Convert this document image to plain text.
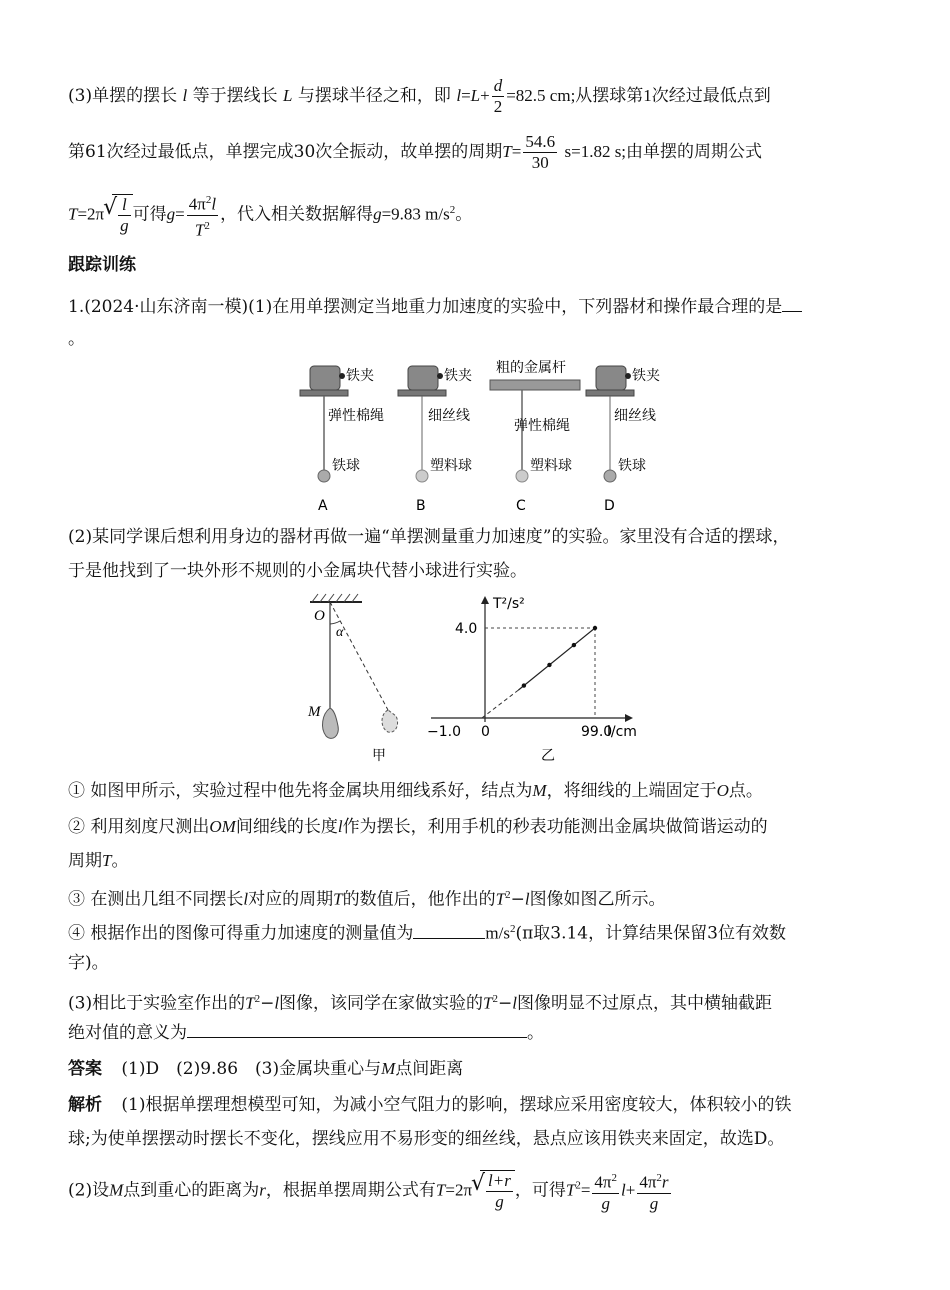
(3)单摆的摆长 l 等于摆线长 L 与摆球半径之和，即 $l=L+ \frac{d}{2} =82.5$ cm;从摆球第1次经过最低点到
第61次经过最低点，单摆完成30次全振动，故单摆的周期$T= \frac{54.6}{30} s=1.82$ s;由单摆的周期公式
T=2π √ $\frac{l}{g}$ 可得$g= \frac{4\pi^2l}{T^2}$ ，代入相关数据解得g=9.83 $m/s^2$。
跟踪训练
1.(2024·山东济南一模)(1)在用单摆测定当地重力加速度的实验中，下列器材和操作最合理的是
。
铁夹	铁夹 粗的金属杆	铁夹
弹性棉绳	细丝线
弹性棉绳
细丝线
铁球	塑料球	塑料球	铁球
A	B	C	D
(2)某同学课后想利用身边的器材再做一遍“单摆测量重力加速度”的实验。家里没有合适的摆球，
于是他找到了一块外形不规则的小金属块代替小球进行实验。
O
α
M
甲
T²/s²
l/cm
4.0
−1.0 0	99.0
乙
① 如图甲所示，实验过程中他先将金属块用细线系好，结点为M，将细线的上端固定于O点。
② 利用刻度尺测出OM间细线的长度l作为摆长，利用手机的秒表功能测出金属块做简谐运动的
周期T。
③ 在测出几组不同摆长l对应的周期T的数值后，他作出的$T^2-l$图像如图乙所示。
④ 根据作出的图像可得重力加速度的测量值为	$m/s^2(\pi$取3.14，计算结果保留3位有效数
字)。
(3)相比于实验室作出的$T^2-l$图像，该同学在家做实验的$T^2-l$图像明显不过原点，其中横轴截距
绝对值的意义为	。
答案 (1)D　(2)9.86　(3)金属块重心与M点间距离
解析 (1)根据单摆理想模型可知，为减小空气阻力的影响，摆球应采用密度较大，体积较小的铁
球;为使单摆摆动时摆长不变化，摆线应用不易形变的细丝线，悬点应该用铁夹来固定，故选D。
(2)设M点到重心的距离为r，根据单摆周期公式有T=2π √ $\frac{l+r}{g}$ ，可得$T^2= \frac{4\pi^2}{g} l+ \frac{4\pi^2r}{g}$
